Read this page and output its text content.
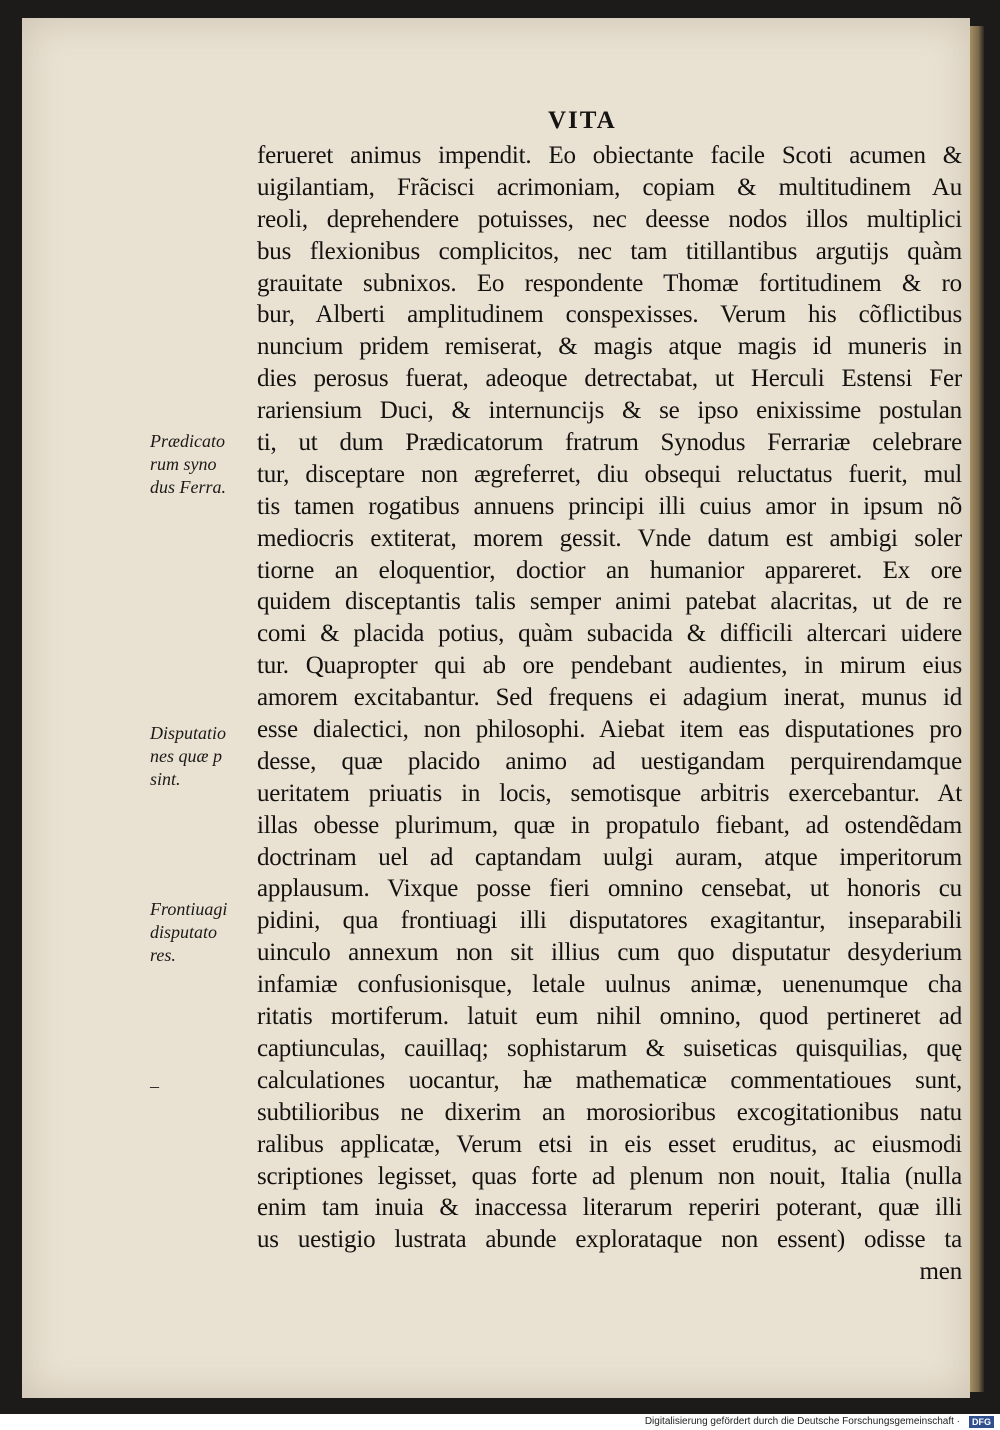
VITA
ferueret animus impendit. Eo obiectante facile Scoti acumen &
uigilantiam, Frãcisci acrimoniam, copiam & multitudinem Au
reoli, deprehendere potuisses, nec deesse nodos illos multiplici
bus flexionibus complicitos, nec tam titillantibus argutijs quàm
grauitate subnixos. Eo respondente Thomæ fortitudinem & ro
bur, Alberti amplitudinem conspexisses. Verum his cõflictibus
nuncium pridem remiserat, & magis atque magis id muneris in
dies perosus fuerat, adeoque detrectabat, ut Herculi Estensi Fer
rariensium Duci, & internuncijs & se ipso enixissime postulan
ti, ut dum Prædicatorum fratrum Synodus Ferrariæ celebrare
tur, disceptare non ægreferret, diu obsequi reluctatus fuerit, mul
tis tamen rogatibus annuens principi illi cuius amor in ipsum nõ
mediocris extiterat, morem gessit. Vnde datum est ambigi soler
tiorne an eloquentior, doctior an humanior appareret. Ex ore
quidem disceptantis talis semper animi patebat alacritas, ut de re
comi & placida potius, quàm subacida & difficili altercari uidere
tur. Quapropter qui ab ore pendebant audientes, in mirum eius
amorem excitabantur. Sed frequens ei adagium inerat, munus id
esse dialectici, non philosophi. Aiebat item eas disputationes pro
desse, quæ placido animo ad uestigandam perquirendamque
ueritatem priuatis in locis, semotisque arbitris exercebantur. At
illas obesse plurimum, quæ in propatulo fiebant, ad ostendẽdam
doctrinam uel ad captandam uulgi auram, atque imperitorum
applausum. Vixque posse fieri omnino censebat, ut honoris cu
pidini, qua frontiuagi illi disputatores exagitantur, inseparabili
uinculo annexum non sit illius cum quo disputatur desyderium
infamiæ confusionisque, letale uulnus animæ, uenenumque cha
ritatis mortiferum. latuit eum nihil omnino, quod pertineret ad
captiunculas, cauillaq; sophistarum & suiseticas quisquilias, quę
calculationes uocantur, hæ mathematicæ commentatioues sunt,
subtilioribus ne dixerim an morosioribus excogitationibus natu
ralibus applicatæ, Verum etsi in eis esset eruditus, ac eiusmodi
scriptiones legisset, quas forte ad plenum non nouit, Italia (nulla
enim tam inuia & inaccessa literarum reperiri poterant, quæ illi
us uestigio lustrata abunde explorataque non essent) odisse ta
men
Prædicato
rum syno
dus Ferra.
Disputatio
nes quæ p
sint.
Frontiuagi
disputato
res.
–
Digitalisierung gefördert durch die Deutsche Forschungsgemeinschaft ·	DFG
